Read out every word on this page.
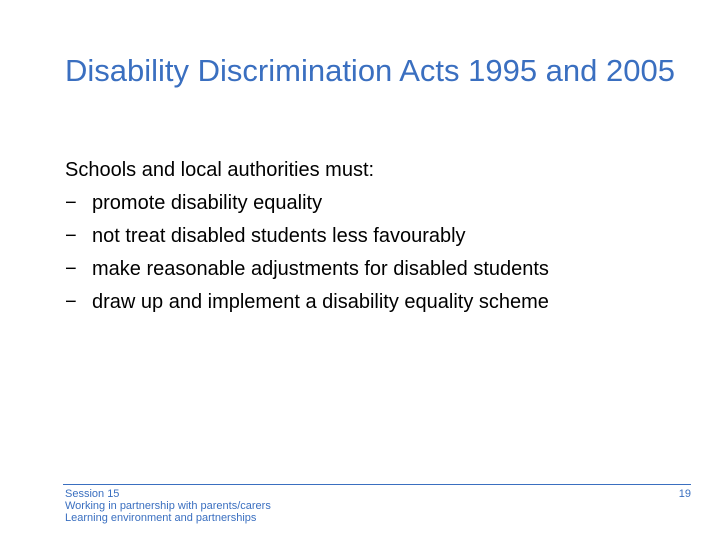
Disability Discrimination Acts 1995 and 2005

Schools and local authorities must:

− promote disability equality
− not treat disabled students less favourably
− make reasonable adjustments for disabled students
− draw up and implement a disability equality scheme
Session 15
Working in partnership with parents/carers
Learning environment and partnerships
19
